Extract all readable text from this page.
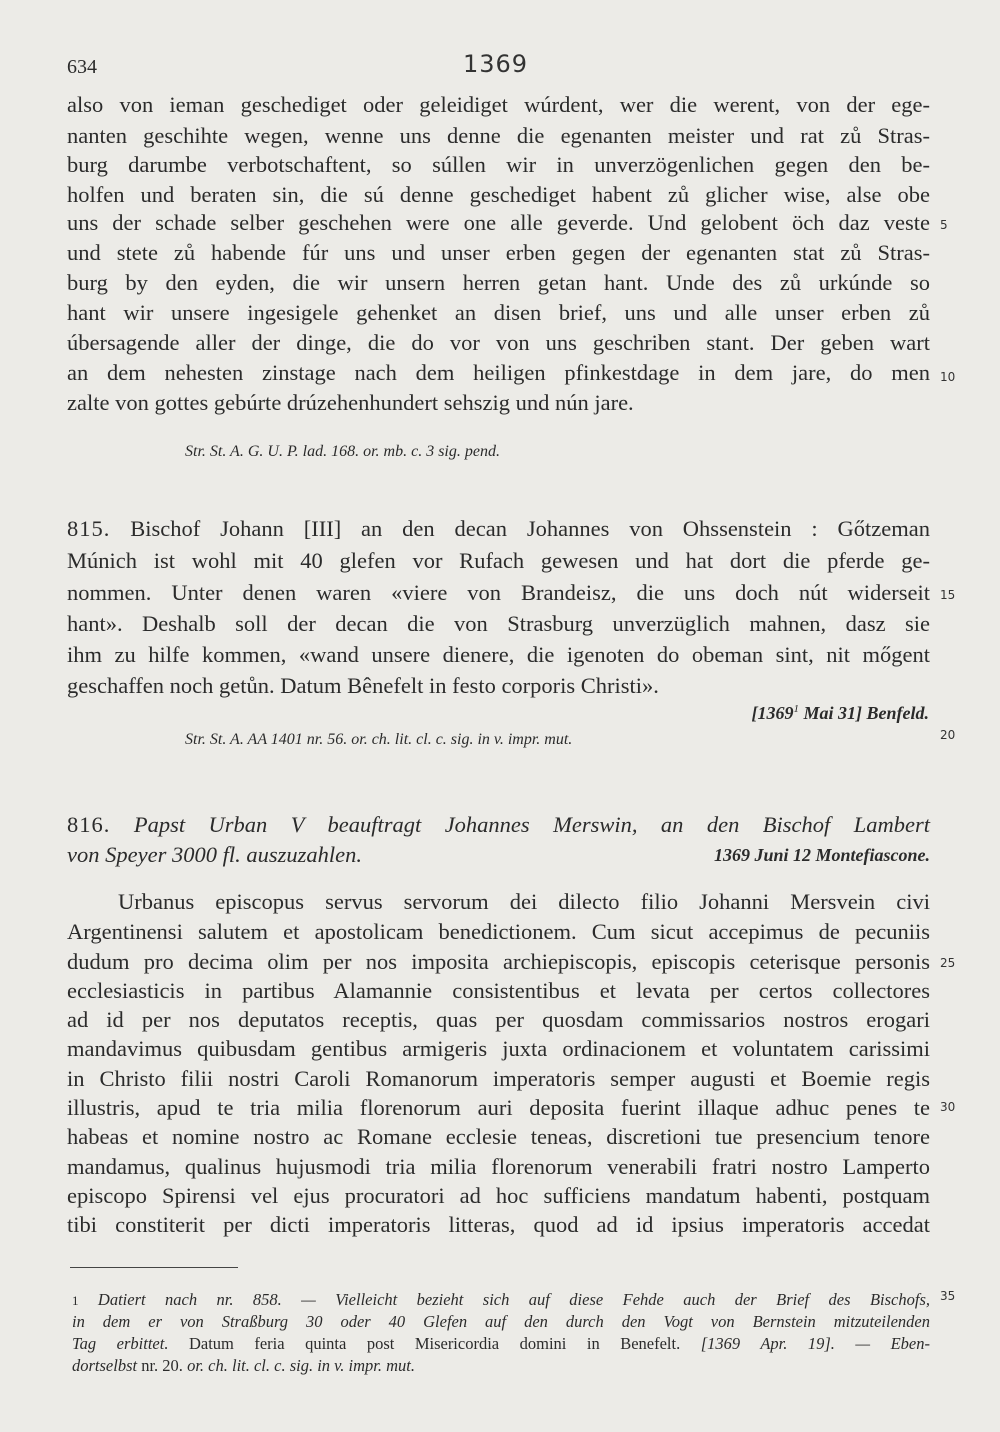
634	1369
also von ieman geschediget oder geleidiget wúrdent, wer die werent, von der ege-
nanten geschihte wegen, wenne uns denne die egenanten meister und rat zů Stras-
burg darumbe verbotschaftent, so súllen wir in unverzögenlichen gegen den be-
holfen und beraten sin, die sú denne geschediget habent zů glicher wise, alse obe
uns der schade selber geschehen were one alle geverde. Und gelobent öch daz veste
und stete zů habende fúr uns und unser erben gegen der egenanten stat zů Stras-
burg by den eyden, die wir unsern herren getan hant. Unde des zů urkúnde so
hant wir unsere ingesigele gehenket an disen brief, uns und alle unser erben zů
úbersagende aller der dinge, die do vor von uns geschriben stant. Der geben wart
an dem nehesten zinstage nach dem heiligen pfinkestdage in dem jare, do men
zalte von gottes gebúrte drúzehenhundert sehszig und nún jare.
Str. St. A. G. U. P. lad. 168. or. mb. c. 3 sig. pend.
815. Bischof Johann [III] an den decan Johannes von Ohssenstein : Gőtzeman
Múnich ist wohl mit 40 glefen vor Rufach gewesen und hat dort die pferde ge-
nommen. Unter denen waren «viere von Brandeisz, die uns doch nút widerseit
hant». Deshalb soll der decan die von Strasburg unverzüglich mahnen, dasz sie
ihm zu hilfe kommen, «wand unsere dienere, die igenoten do obeman sint, nit mőgent
geschaffen noch getůn. Datum Bênefelt in festo corporis Christi».
[1369$^1$ Mai 31] Benfeld.
Str. St. A. AA 1401 nr. 56. or. ch. lit. cl. c. sig. in v. impr. mut.
816. Papst Urban V beauftragt Johannes Merswin, an den Bischof Lambert
von Speyer 3000 fl. auszuzahlen.	1369 Juni 12 Montefiascone.
Urbanus episcopus servus servorum dei dilecto filio Johanni Mersvein civi
Argentinensi salutem et apostolicam benedictionem. Cum sicut accepimus de pecuniis
dudum pro decima olim per nos imposita archiepiscopis, episcopis ceterisque personis
ecclesiasticis in partibus Alamannie consistentibus et levata per certos collectores
ad id per nos deputatos receptis, quas per quosdam commissarios nostros erogari
mandavimus quibusdam gentibus armigeris juxta ordinacionem et voluntatem carissimi
in Christo filii nostri Caroli Romanorum imperatoris semper augusti et Boemie regis
illustris, apud te tria milia florenorum auri deposita fuerint illaque adhuc penes te
habeas et nomine nostro ac Romane ecclesie teneas, discretioni tue presencium tenore
mandamus, qualinus hujusmodi tria milia florenorum venerabili fratri nostro Lamperto
episcopo Spirensi vel ejus procuratori ad hoc sufficiens mandatum habenti, postquam
tibi constiterit per dicti imperatoris litteras, quod ad id ipsius imperatoris accedat
5
10
15
20
25
30
35
1 Datiert nach nr. 858. — Vielleicht bezieht sich auf diese Fehde auch der Brief des Bischofs,
in dem er von Straßburg 30 oder 40 Glefen auf den durch den Vogt von Bernstein mitzuteilenden
Tag erbittet. Datum feria quinta post Misericordia domini in Benefelt. [1369 Apr. 19]. — Eben-
dortselbst nr. 20. or. ch. lit. cl. c. sig. in v. impr. mut.
